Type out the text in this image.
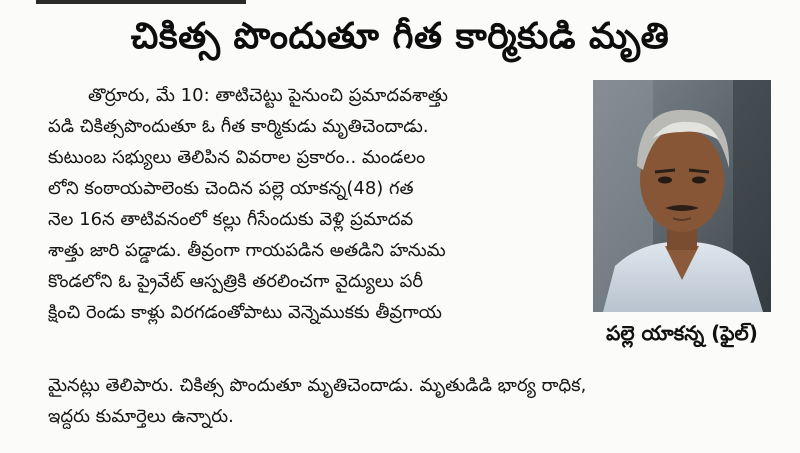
చికిత్స పొందుతూ గీత కార్మికుడి మృతి
తొర్రూరు, మే 10: తాటిచెట్టు పైనుంచి ప్రమాదవశాత్తు
పడి చికిత్సపొందుతూ ఓ గీత కార్మికుడు మృతిచెందాడు.
కుటుంబ సభ్యులు తెలిపిన వివరాల ప్రకారం.. మండలం
లోని కంఠాయపాలెంకు చెందిన పల్లె యాకన్న(48) గత
నెల 16న తాటివనంలో కల్లు గీసేందుకు వెళ్లి ప్రమాదవ
శాత్తు జారి పడ్డాడు. తీవ్రంగా గాయపడిన అతడిని హనుమ
కొండలోని ఓ ప్రైవేట్ ఆస్పత్రికి తరలించగా వైద్యులు పరీ
క్షించి రెండు కాళ్లు విరగడంతోపాటు వెన్నెముకకు తీవ్రగాయ
మైనట్లు తెలిపారు. చికిత్స పొందుతూ మృతిచెందాడు. మృతుడిడి భార్య రాధిక,
ఇద్దరు కుమార్తెలు ఉన్నారు.
పల్లె యాకన్న (ఫైల్)
